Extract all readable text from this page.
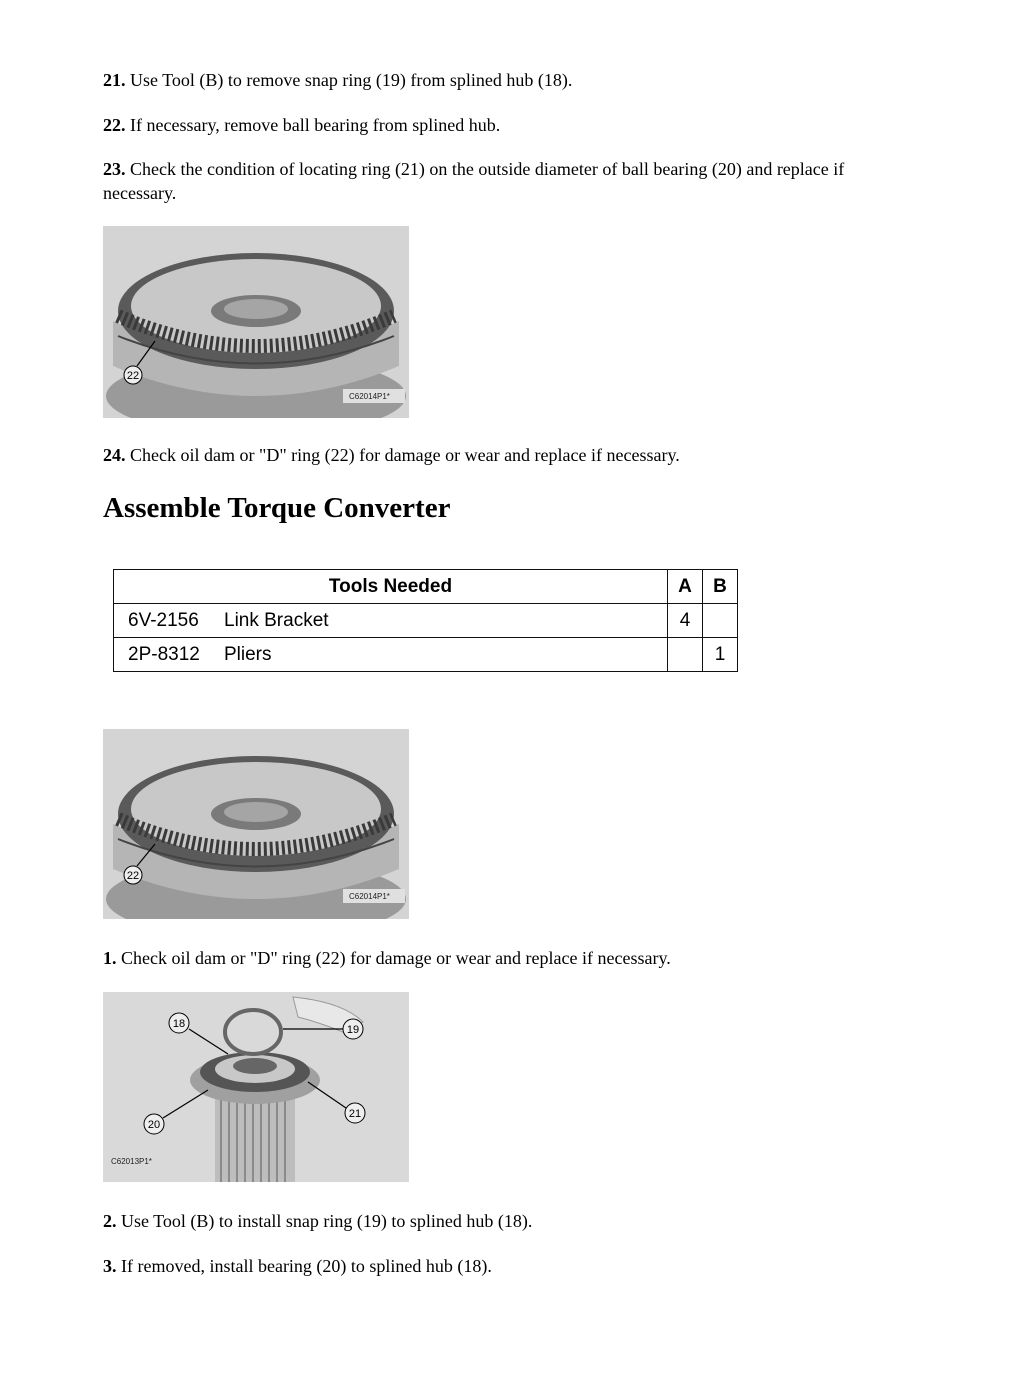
21. Use Tool (B) to remove snap ring (19) from splined hub (18).

22. If necessary, remove ball bearing from splined hub.

23. Check the condition of locating ring (21) on the outside diameter of ball bearing (20) and replace if necessary.

22
C62014P1*

24. Check oil dam or "D" ring (22) for damage or wear and replace if necessary.

Assemble Torque Converter
Tools Needed	A	B
6V-2156 Link Bracket	4	
2P-8312 Pliers		1
22
C62014P1*

1. Check oil dam or "D" ring (22) for damage or wear and replace if necessary.

18	19
20
21
C62013P1*

2. Use Tool (B) to install snap ring (19) to splined hub (18).

3. If removed, install bearing (20) to splined hub (18).
